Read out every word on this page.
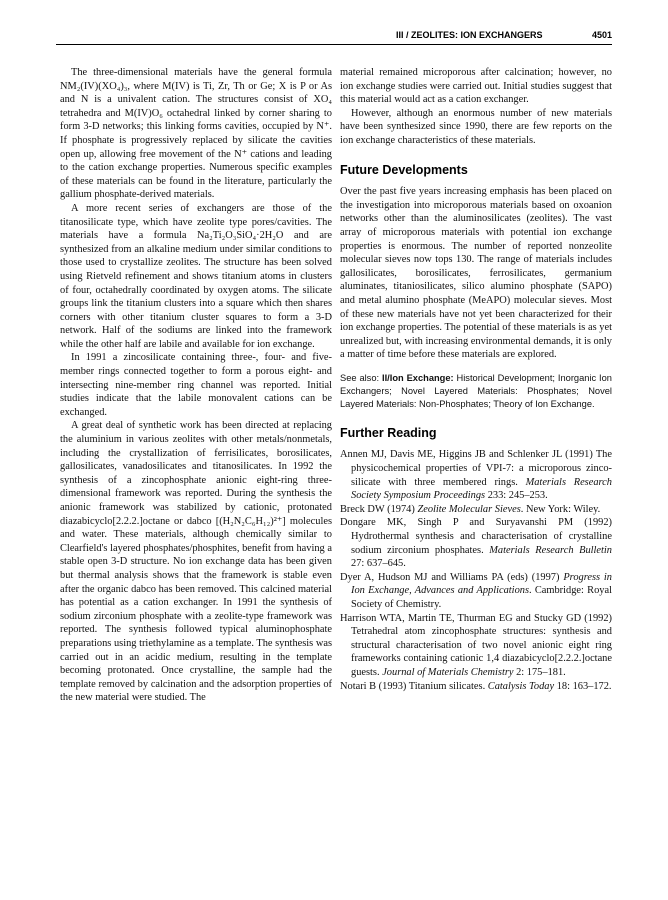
III / ZEOLITES: ION EXCHANGERS	4501

The three-dimensional materials have the general formula NM₂(IV)(XO₄)₃, where M(IV) is Ti, Zr, Th or Ge; X is P or As and N is a univalent cation. The structures consist of XO₄ tetrahedra and M(IV)O₆ octahedral linked by corner sharing to form 3-D networks; this linking forms cavities, occupied by N⁺. If phosphate is progressively replaced by silicate the cavities open up, allowing free movement of the N⁺ cations and leading to the cation exchange properties. Numerous specific examples of these materials can be found in the literature, particularly the gallium phosphate-derived materials.

A more recent series of exchangers are those of the titanosilicate type, which have zeolite type pores/cavities. The materials have a formula Na₂Ti₂O₃SiO₄·2H₂O and are synthesized from an alkaline medium under similar conditions to those used to crystallize zeolites. The structure has been solved using Rietveld refinement and shows titanium atoms in clusters of four, octahedrally coordinated by oxygen atoms. The silicate groups link the titanium clusters into a square which then shares corners with other titanium cluster squares to form a 3-D network. Half of the sodiums are linked into the framework while the other half are labile and available for ion exchange.

In 1991 a zincosilicate containing three-, four- and five-member rings connected together to form a porous eight- and intersecting nine-member ring channel was reported. Initial studies indicate that the labile monovalent cations can be exchanged.

A great deal of synthetic work has been directed at replacing the aluminium in various zeolites with other metals/nonmetals, including the crystallization of ferrisilicates, borosilicates, gallosilicates, vanadosilicates and titanosilicates. In 1992 the synthesis of a zincophosphate anionic eight-ring three-dimensional framework was reported. During the synthesis the anionic framework was stabilized by cationic, protonated diazabicyclo[2.2.2.]octane or dabco [(H₂N₂C₆H₁₂)²⁺] molecules and water. These materials, although chemically similar to Clearfield's layered phosphates/phosphites, benefit from having a stable open 3-D structure. No ion exchange data has been given but thermal analysis shows that the framework is stable even after the organic dabco has been removed. This calcined material has potential as a cation exchanger. In 1991 the synthesis of sodium zirconium phosphate with a zeolite-type framework was reported. The synthesis followed typical aluminophosphate preparations using triethylamine as a template. The synthesis was carried out in an acidic medium, resulting in the template becoming protonated. Once crystalline, the sample had the template removed by calcination and the adsorption properties of the new material were studied. The

material remained microporous after calcination; however, no ion exchange studies were carried out. Initial studies suggest that this material would act as a cation exchanger.

However, although an enormous number of new materials have been synthesized since 1990, there are few reports on the ion exchange characteristics of these materials.

Future Developments

Over the past five years increasing emphasis has been placed on the investigation into microporous materials based on oxoanion networks other than the aluminosilicates (zeolites). The vast array of microporous materials with potential ion exchange properties is enormous. The number of reported nonzeolite molecular sieves now tops 130. The range of materials includes gallosilicates, borosilicates, ferrosilicates, germanium aluminates, titaniosilicates, silico alumino phosphate (SAPO) and metal alumino phosphate (MeAPO) molecular sieves. Most of these new materials have not yet been characterized for their ion exchange properties. The potential of these materials is as yet unrealized but, with increasing environmental demands, it is only a matter of time before these materials are explored.

See also: II/Ion Exchange: Historical Development; Inorganic Ion Exchangers; Novel Layered Materials: Phosphates; Novel Layered Materials: Non-Phosphates; Theory of Ion Exchange.
Further Reading
Annen MJ, Davis ME, Higgins JB and Schlenker JL (1991) The physicochemical properties of VPI-7: a microporous zinco-silicate with three membered rings. Materials Research Society Symposium Proceedings 233: 245–253.
Breck DW (1974) Zeolite Molecular Sieves. New York: Wiley.
Dongare MK, Singh P and Suryavanshi PM (1992) Hydrothermal synthesis and characterisation of crystalline sodium zirconium phosphates. Materials Research Bulletin 27: 637–645.
Dyer A, Hudson MJ and Williams PA (eds) (1997) Progress in Ion Exchange, Advances and Applications. Cambridge: Royal Society of Chemistry.
Harrison WTA, Martin TE, Thurman EG and Stucky GD (1992) Tetrahedral atom zincophosphate structures: synthesis and structural characterisation of two novel anionic eight ring frameworks containing cationic 1,4 diazabicyclo[2.2.2.]octane guests. Journal of Materials Chemistry 2: 175–181.
Notari B (1993) Titanium silicates. Catalysis Today 18: 163–172.
